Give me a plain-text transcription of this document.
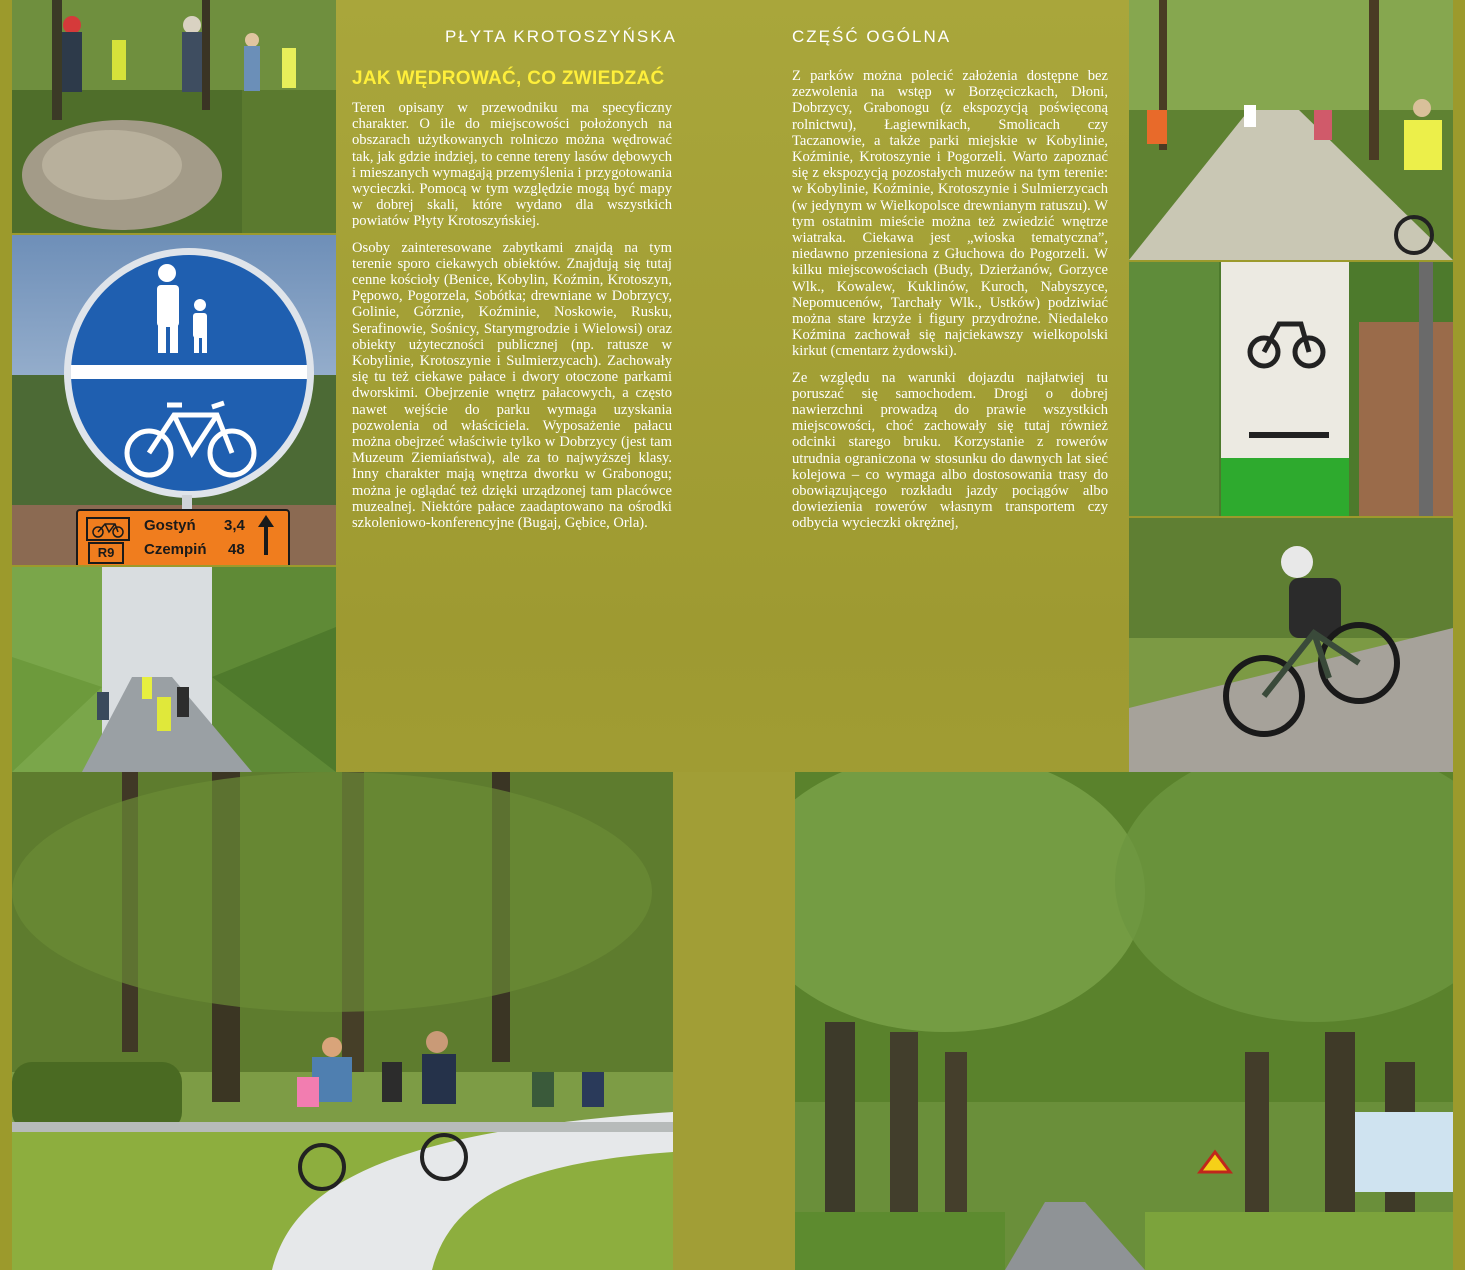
PŁYTA KROTOSZYŃSKA	CZĘŚĆ OGÓLNA
JAK WĘDROWAĆ, CO ZWIEDZAĆ

Teren opisany w przewodniku ma specyficzny charakter. O ile do miejscowości położonych na obszarach użytkowanych rolniczo można wędrować tak, jak gdzie indziej, to cenne tereny lasów dębowych i mieszanych wymagają przemyślenia i przygotowania wycieczki. Pomocą w tym względzie mogą być mapy w dobrej skali, które wydano dla wszystkich powiatów Płyty Krotoszyńskiej.

Osoby zainteresowane zabytkami znajdą na tym terenie sporo ciekawych obiektów. Znajdują się tutaj cenne kościoły (Benice, Kobylin, Koźmin, Krotoszyn, Pępowo, Pogorzela, Sobótka; drewniane w Dobrzycy, Golinie, Górznie, Koźminie, Noskowie, Rusku, Serafinowie, Sośnicy, Starymgrodzie i Wielowsi) oraz obiekty użyteczności publicznej (np. ratusze w Kobylinie, Krotoszynie i Sulmierzycach). Zachowały się tu też ciekawe pałace i dwory otoczone parkami dworskimi. Obejrzenie wnętrz pałacowych, a często nawet wejście do parku wymaga uzyskania pozwolenia od właściciela. Wyposażenie pałacu można obejrzeć właściwie tylko w Dobrzycy (jest tam Muzeum Ziemiaństwa), ale za to najwyższej klasy. Inny charakter mają wnętrza dworku w Grabonogu; można je oglądać też dzięki urządzonej tam placówce muzealnej. Niektóre pałace zaadaptowano na ośrodki szkoleniowo-konferencyjne (Bugaj, Gębice, Orla).

Z parków można polecić założenia dostępne bez zezwolenia na wstęp w Borzęciczkach, Dłoni, Dobrzycy, Grabonogu (z ekspozycją poświęconą rolnictwu), Łagiewnikach, Smolicach czy Taczanowie, a także parki miejskie w Kobylinie, Koźminie, Krotoszynie i Pogorzeli. Warto zapoznać się z ekspozycją pozostałych muzeów na tym terenie: w Kobylinie, Koźminie, Krotoszynie i Sulmierzycach (w jedynym w Wielkopolsce drewnianym ratuszu). W tym ostatnim mieście można też zwiedzić wnętrze wiatraka. Ciekawa jest „wioska tematyczna”, niedawno przeniesiona z Głuchowa do Pogorzeli. W kilku miejscowościach (Budy, Dzierżanów, Gorzyce Wlk., Kowalew, Kuklinów, Kuroch, Nabyszyce, Nepomucenów, Tarchały Wlk., Ustków) podziwiać można stare krzyże i figury przydrożne. Niedaleko Koźmina zachował się najciekawszy wielkopolski kirkut (cmentarz żydowski).

Ze względu na warunki dojazdu najłatwiej tu poruszać się samochodem. Drogi o dobrej nawierzchni prowadzą do prawie wszystkich miejscowości, choć zachowały się tutaj również odcinki starego bruku. Korzystanie z rowerów utrudnia ograniczona w stosunku do dawnych lat sieć kolejowa – co wymaga albo dostosowania trasy do obowiązującego rozkładu jazdy pociągów albo dowiezienia rowerów własnym transportem czy odbycia wycieczki okrężnej,

R9
Gostyń 3,4
Czempiń 48
